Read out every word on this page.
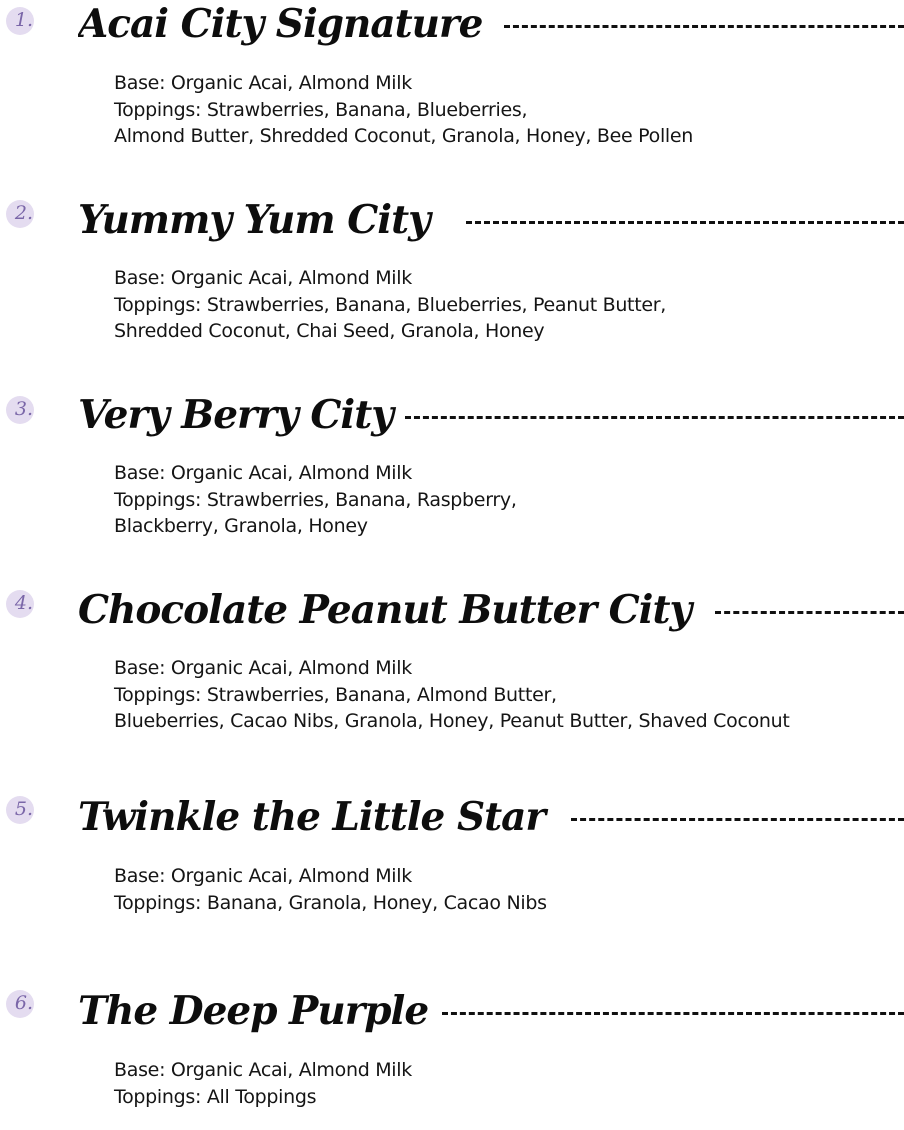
1. Acai City Signature
Base: Organic Acai, Almond Milk
Toppings: Strawberries, Banana, Blueberries,
Almond Butter, Shredded Coconut, Granola, Honey, Bee Pollen
2. Yummy Yum City
Base: Organic Acai, Almond Milk
Toppings: Strawberries, Banana, Blueberries, Peanut Butter,
Shredded Coconut, Chai Seed, Granola, Honey
3. Very Berry City
Base: Organic Acai, Almond Milk
Toppings: Strawberries, Banana, Raspberry,
Blackberry, Granola, Honey
4. Chocolate Peanut Butter City
Base: Organic Acai, Almond Milk
Toppings: Strawberries, Banana, Almond Butter,
Blueberries, Cacao Nibs, Granola, Honey, Peanut Butter, Shaved Coconut
5. Twinkle the Little Star
Base: Organic Acai, Almond Milk
Toppings: Banana, Granola, Honey, Cacao Nibs
6. The Deep Purple
Base: Organic Acai, Almond Milk
Toppings: All Toppings
